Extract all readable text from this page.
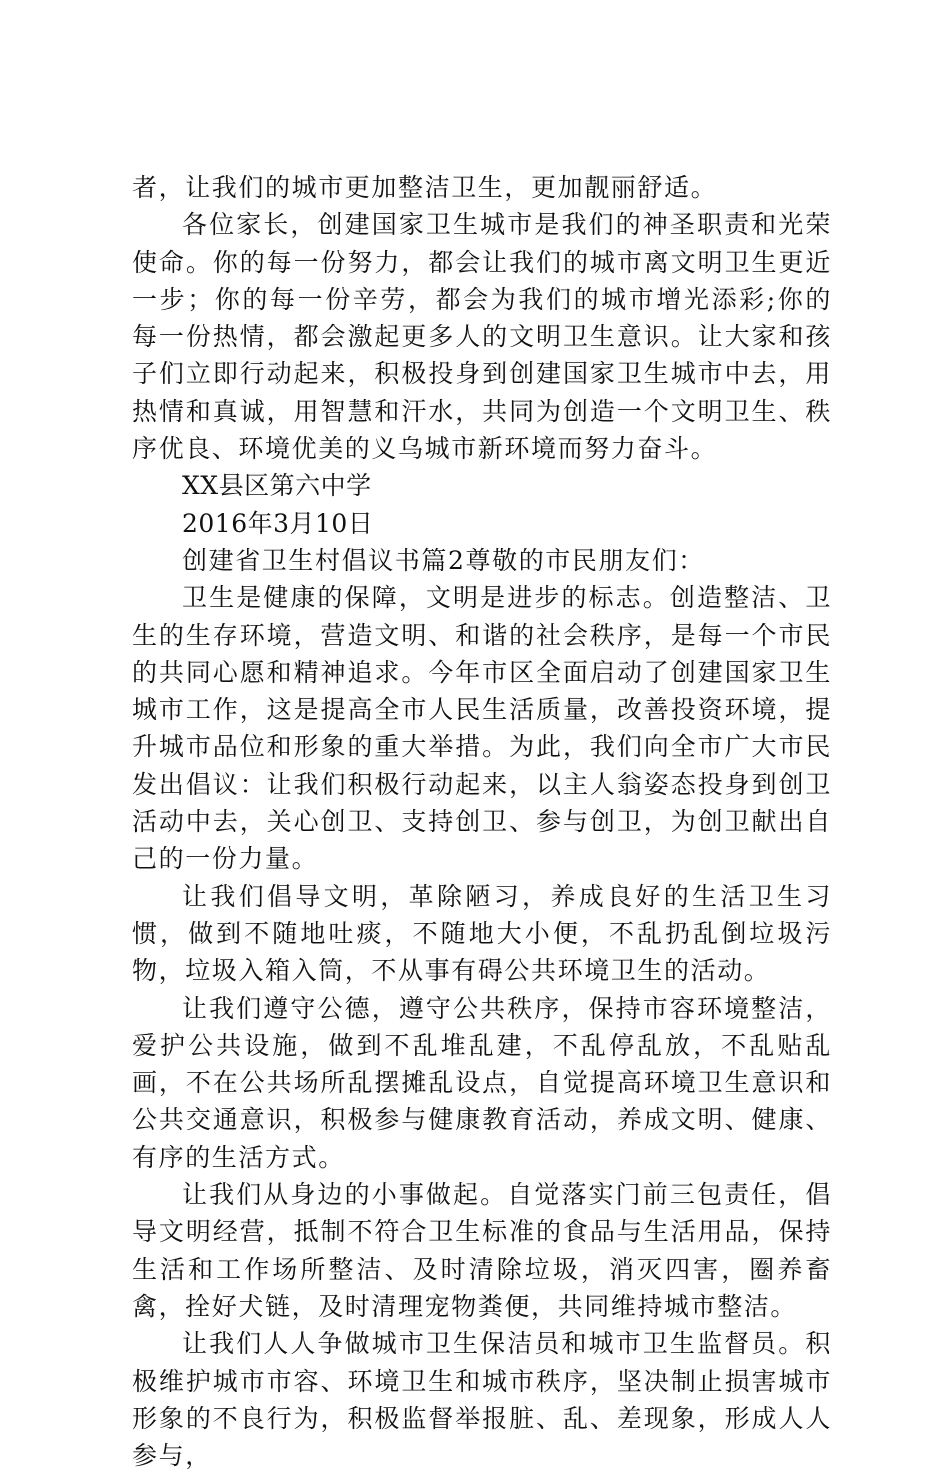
者，让我们的城市更加整洁卫生，更加靓丽舒适。

各位家长，创建国家卫生城市是我们的神圣职责和光荣使命。你的每一份努力，都会让我们的城市离文明卫生更近一步；你的每一份辛劳，都会为我们的城市增光添彩;你的每一份热情，都会激起更多人的文明卫生意识。让大家和孩子们立即行动起来，积极投身到创建国家卫生城市中去，用热情和真诚，用智慧和汗水，共同为创造一个文明卫生、秩序优良、环境优美的义乌城市新环境而努力奋斗。

XX县区第六中学

2016年3月10日

创建省卫生村倡议书篇2尊敬的市民朋友们：

卫生是健康的保障，文明是进步的标志。创造整洁、卫生的生存环境，营造文明、和谐的社会秩序，是每一个市民的共同心愿和精神追求。今年市区全面启动了创建国家卫生城市工作，这是提高全市人民生活质量，改善投资环境，提升城市品位和形象的重大举措。为此，我们向全市广大市民发出倡议：让我们积极行动起来，以主人翁姿态投身到创卫活动中去，关心创卫、支持创卫、参与创卫，为创卫献出自己的一份力量。

让我们倡导文明，革除陋习，养成良好的生活卫生习惯，做到不随地吐痰，不随地大小便，不乱扔乱倒垃圾污物，垃圾入箱入筒，不从事有碍公共环境卫生的活动。

让我们遵守公德，遵守公共秩序，保持市容环境整洁，爱护公共设施，做到不乱堆乱建，不乱停乱放，不乱贴乱画，不在公共场所乱摆摊乱设点，自觉提高环境卫生意识和公共交通意识，积极参与健康教育活动，养成文明、健康、有序的生活方式。

让我们从身边的小事做起。自觉落实门前三包责任，倡导文明经营，抵制不符合卫生标准的食品与生活用品，保持生活和工作场所整洁、及时清除垃圾，消灭四害，圈养畜禽，拴好犬链，及时清理宠物粪便，共同维持城市整洁。

让我们人人争做城市卫生保洁员和城市卫生监督员。积极维护城市市容、环境卫生和城市秩序，坚决制止损害城市形象的不良行为，积极监督举报脏、乱、差现象，形成人人参与，
